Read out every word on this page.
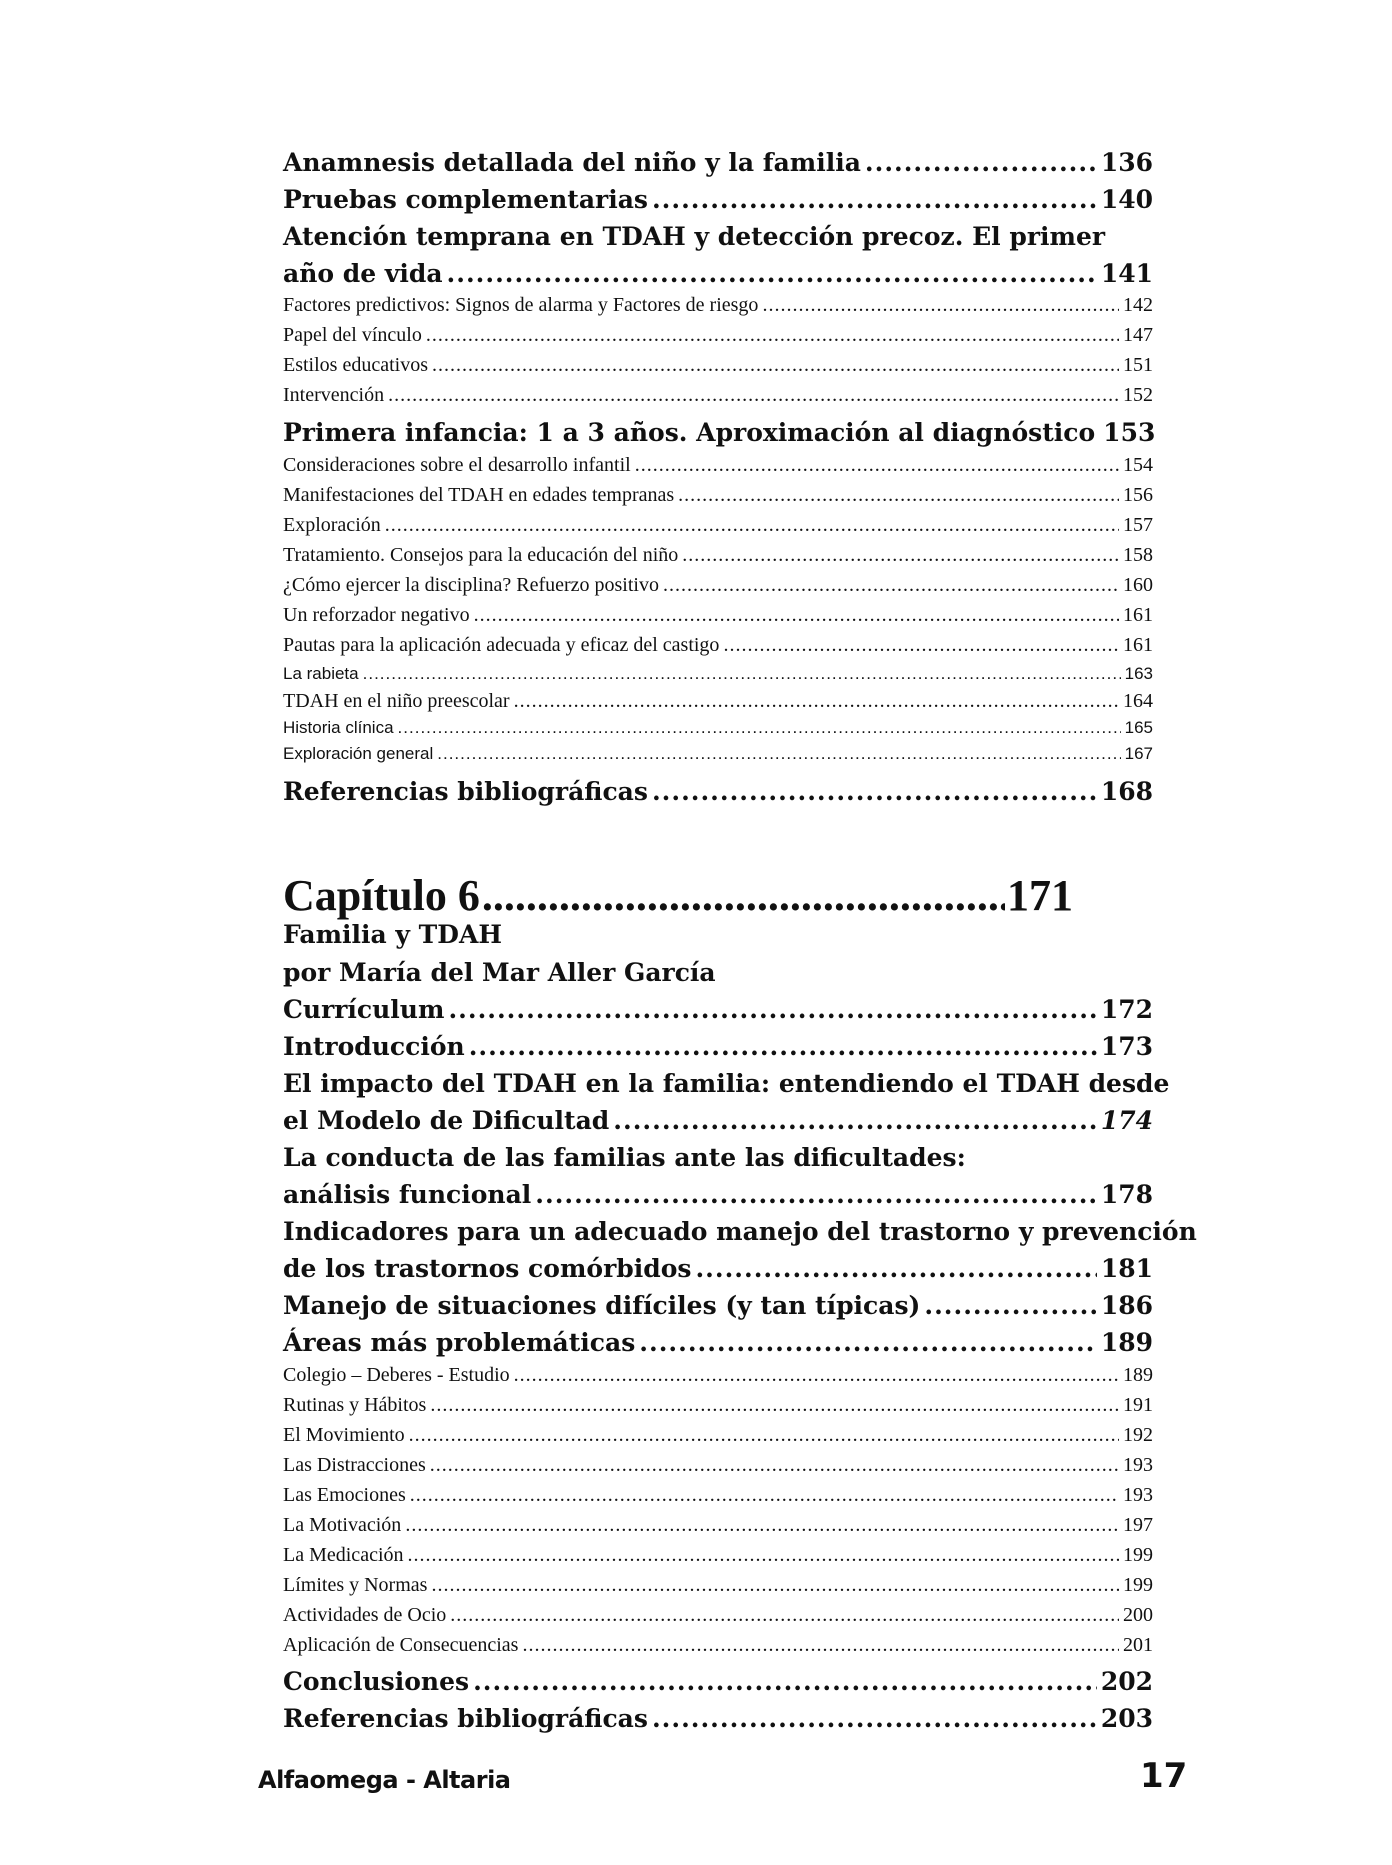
Anamnesis detallada del niño y la familia .....	136
Pruebas complementarias .....	140
Atención temprana en TDAH y detección precoz. El primer
año de vida .....	141
Factores predictivos: Signos de alarma y Factores de riesgo .....	142
Papel del vínculo .....	147
Estilos educativos .....	151
Intervención .....	152
Primera infancia: 1 a 3 años. Aproximación al diagnóstico 153
Consideraciones sobre el desarrollo infantil .....	154
Manifestaciones del TDAH en edades tempranas .....	156
Exploración .....	157
Tratamiento. Consejos para la educación del niño .....	158
¿Cómo ejercer la disciplina? Refuerzo positivo .....	160
Un reforzador negativo .....	161
Pautas para la aplicación adecuada y eficaz del castigo .....	161
La rabieta .....	163
TDAH en el niño preescolar .....	164
Historia clínica .....	165
Exploración general .....	167
Referencias bibliográficas .....	168
Capítulo 6 .....	171
Familia y TDAH
por María del Mar Aller García
Currículum .....	172
Introducción .....	173
El impacto del TDAH en la familia: entendiendo el TDAH desde
el Modelo de Dificultad .....	174
La conducta de las familias ante las dificultades:
análisis funcional .....	178
Indicadores para un adecuado manejo del trastorno y prevención
de los trastornos comórbidos .....	181
Manejo de situaciones difíciles (y tan típicas) .....	186
Áreas más problemáticas .....	189
Colegio – Deberes - Estudio .....	189
Rutinas y Hábitos .....	191
El Movimiento .....	192
Las Distracciones .....	193
Las Emociones .....	193
La Motivación .....	197
La Medicación .....	199
Límites y Normas .....	199
Actividades de Ocio .....	200
Aplicación de Consecuencias .....	201
Conclusiones .....	202
Referencias bibliográficas .....	203
Alfaomega - Altaria	17
